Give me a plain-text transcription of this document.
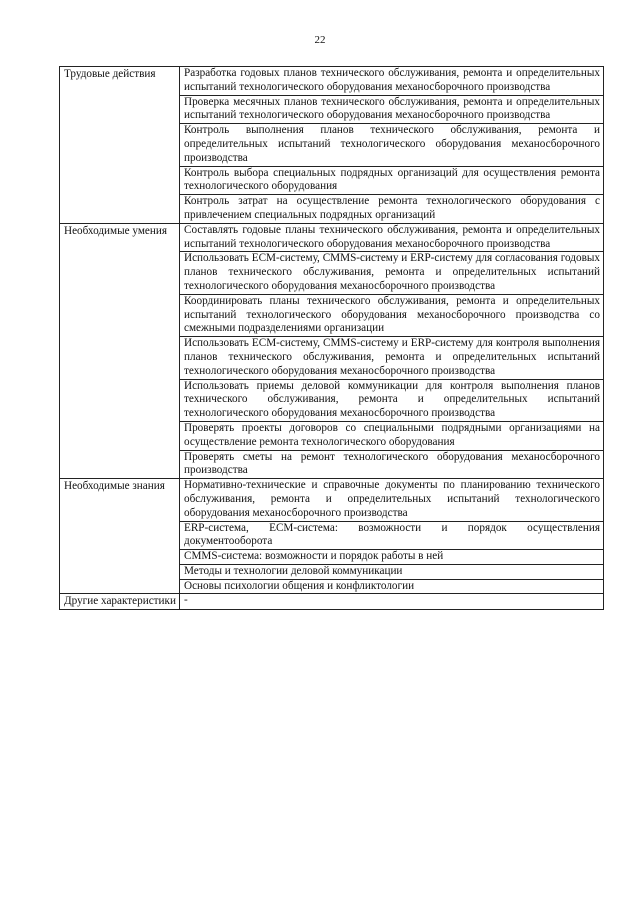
22
Трудовые действия	Разработка годовых планов технического обслуживания, ремонта и определительных испытаний технологического оборудования механосборочного производства
	Проверка месячных планов технического обслуживания, ремонта и определительных испытаний технологического оборудования механосборочного производства
	Контроль выполнения планов технического обслуживания, ремонта и определительных испытаний технологического оборудования механосборочного производства
	Контроль выбора специальных подрядных организаций для осуществления ремонта технологического оборудования
	Контроль затрат на осуществление ремонта технологического оборудования с привлечением специальных подрядных организаций
Необходимые умения	Составлять годовые планы технического обслуживания, ремонта и определительных испытаний технологического оборудования механосборочного производства
	Использовать ECM-систему, CMMS-систему и ERP-систему для согласования годовых планов технического обслуживания, ремонта и определительных испытаний технологического оборудования механосборочного производства
	Координировать планы технического обслуживания, ремонта и определительных испытаний технологического оборудования механосборочного производства со смежными подразделениями организации
	Использовать ECM-систему, CMMS-систему и ERP-систему для контроля выполнения планов технического обслуживания, ремонта и определительных испытаний технологического оборудования механосборочного производства
	Использовать приемы деловой коммуникации для контроля выполнения планов технического обслуживания, ремонта и определительных испытаний технологического оборудования механосборочного производства
	Проверять проекты договоров со специальными подрядными организациями на осуществление ремонта технологического оборудования
	Проверять сметы на ремонт технологического оборудования механосборочного производства
Необходимые знания	Нормативно-технические и справочные документы по планированию технического обслуживания, ремонта и определительных испытаний технологического оборудования механосборочного производства
	ERP-система, ECM-система: возможности и порядок осуществления документооборота
	CMMS-система: возможности и порядок работы в ней
	Методы и технологии деловой коммуникации
	Основы психологии общения и конфликтологии
Другие характеристики	-
